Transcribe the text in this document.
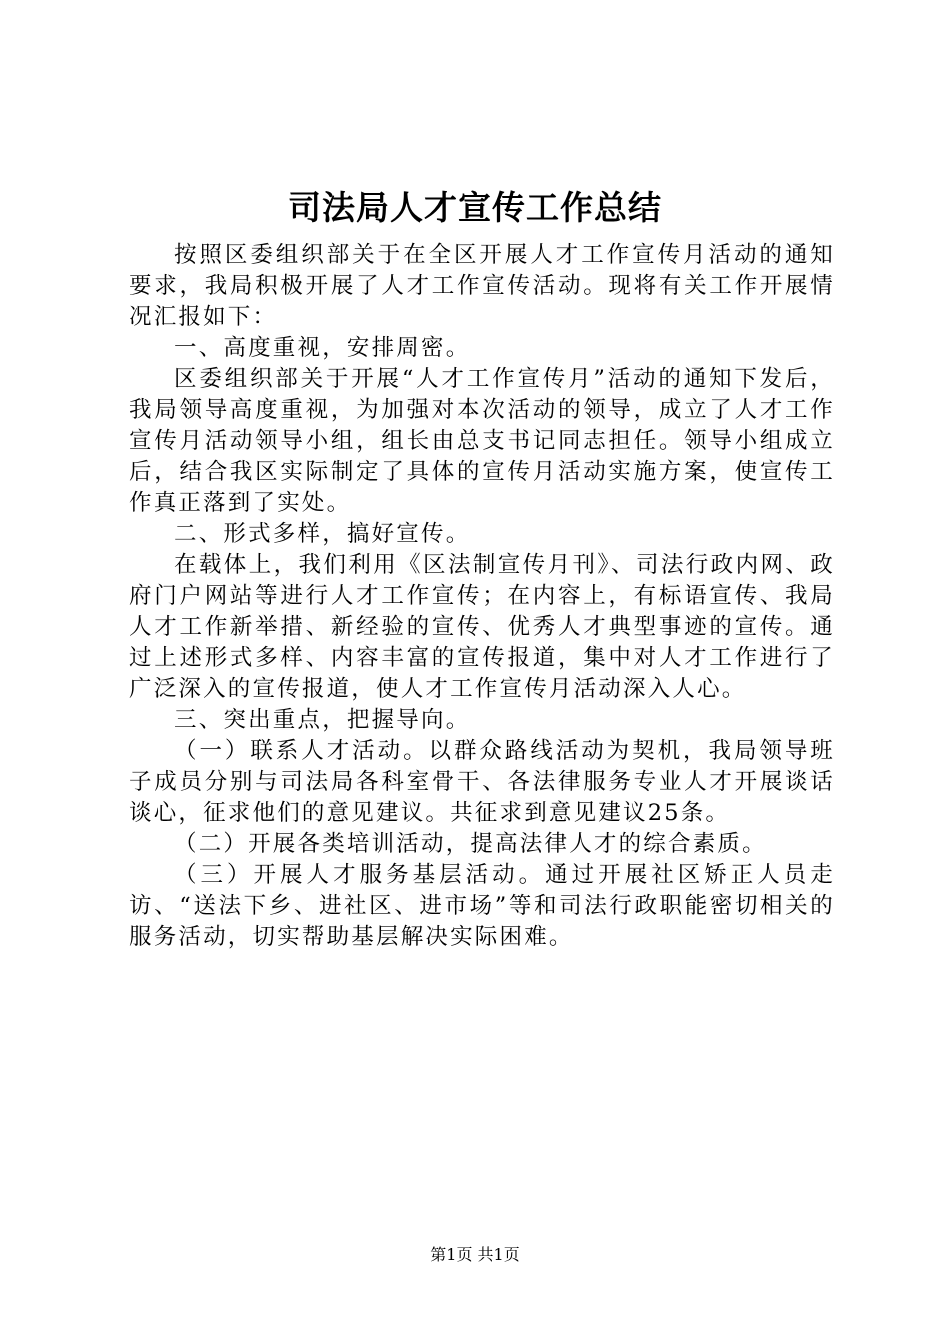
司法局人才宣传工作总结

按照区委组织部关于在全区开展人才工作宣传月活动的通知要求，我局积极开展了人才工作宣传活动。现将有关工作开展情况汇报如下：

一、高度重视，安排周密。

区委组织部关于开展“人才工作宣传月”活动的通知下发后，我局领导高度重视，为加强对本次活动的领导，成立了人才工作宣传月活动领导小组，组长由总支书记同志担任。领导小组成立后，结合我区实际制定了具体的宣传月活动实施方案，使宣传工作真正落到了实处。

二、形式多样，搞好宣传。

在载体上，我们利用《区法制宣传月刊》、司法行政内网、政府门户网站等进行人才工作宣传；在内容上，有标语宣传、我局人才工作新举措、新经验的宣传、优秀人才典型事迹的宣传。通过上述形式多样、内容丰富的宣传报道，集中对人才工作进行了广泛深入的宣传报道，使人才工作宣传月活动深入人心。

三、突出重点，把握导向。

（一）联系人才活动。以群众路线活动为契机，我局领导班子成员分别与司法局各科室骨干、各法律服务专业人才开展谈话谈心，征求他们的意见建议。共征求到意见建议25条。

（二）开展各类培训活动，提高法律人才的综合素质。

（三）开展人才服务基层活动。通过开展社区矫正人员走访、“送法下乡、进社区、进市场”等和司法行政职能密切相关的服务活动，切实帮助基层解决实际困难。

第1页 共1页
